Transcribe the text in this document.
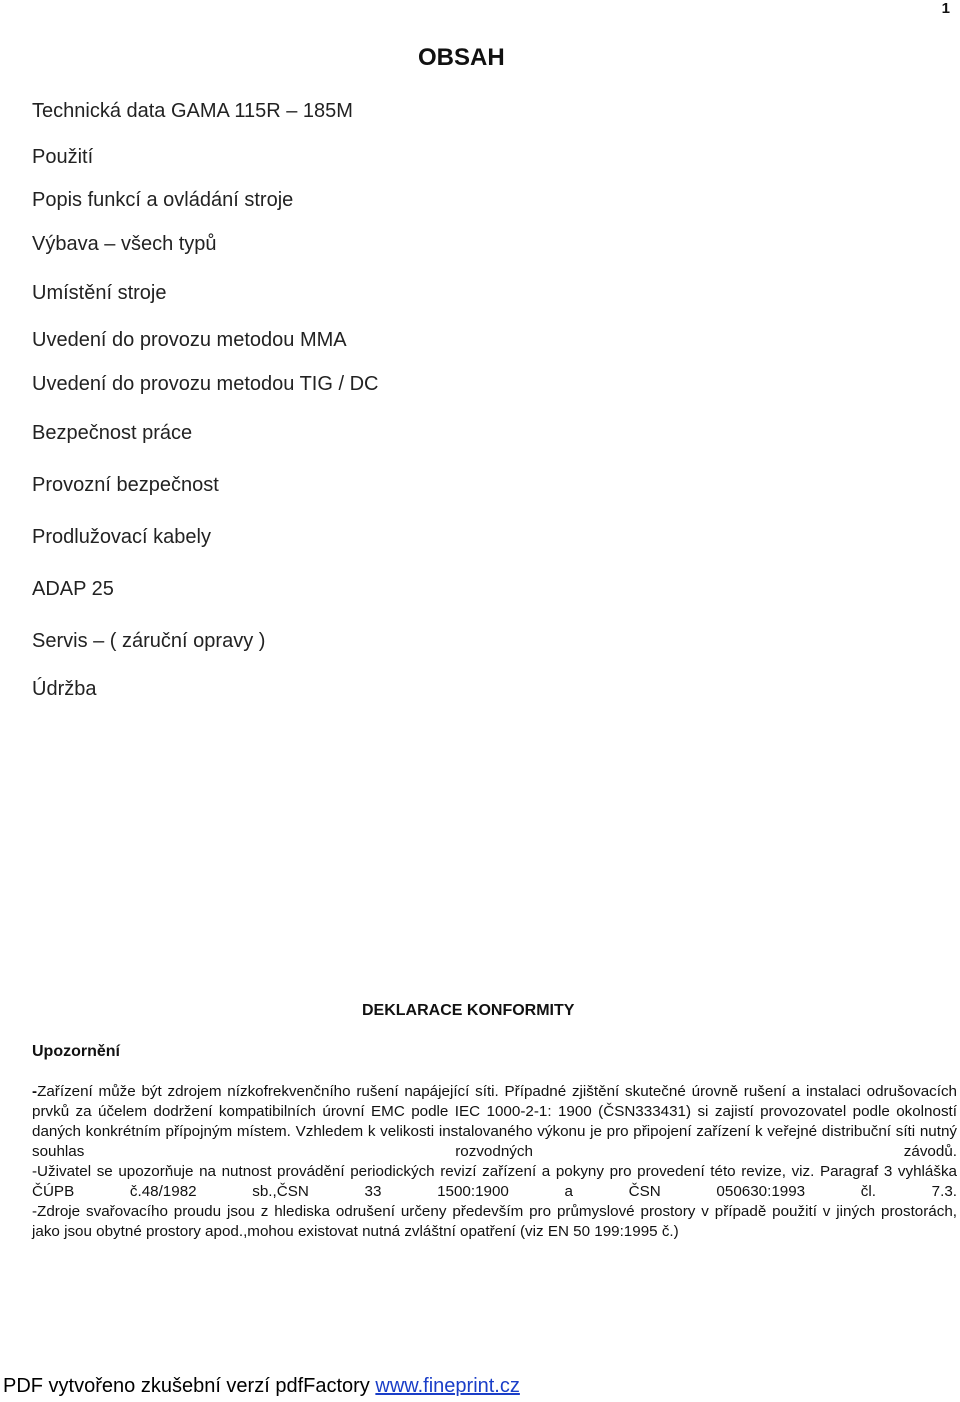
1
OBSAH
Technická data GAMA 115R – 185M
Použití
Popis funkcí a ovládání stroje
Výbava – všech typů
Umístění stroje
Uvedení do provozu metodou MMA
Uvedení do provozu metodou TIG / DC
Bezpečnost práce
Provozní bezpečnost
Prodlužovací kabely
ADAP 25
Servis – ( záruční opravy )
Údržba
DEKLARACE KONFORMITY
Upozornění

-Zařízení může být zdrojem nízkofrekvenčního rušení napájející síti. Případné zjištění skutečné úrovně rušení a instalaci odrušovacích prvků za účelem dodržení kompatibilních úrovní EMC podle IEC 1000-2-1: 1900 (ČSN333431) si zajistí provozovatel podle okolností daných konkrétním přípojným místem. Vzhledem k velikosti instalovaného výkonu je pro připojení zařízení k veřejné distribuční síti nutný souhlas rozvodných závodů.

-Uživatel se upozorňuje na nutnost provádění periodických revizí zařízení a pokyny pro provedení této revize, viz. Paragraf 3 vyhláška ČÚPB č.48/1982 sb.,ČSN 33 1500:1900 a ČSN 050630:1993 čl. 7.3.

-Zdroje svařovacího proudu jsou z hlediska odrušení určeny především pro průmyslové prostory v případě použití v jiných prostorách, jako jsou obytné prostory apod.,mohou existovat nutná zvláštní opatření (viz EN 50 199:1995 č.)

PDF vytvořeno zkušební verzí pdfFactory www.fineprint.cz
